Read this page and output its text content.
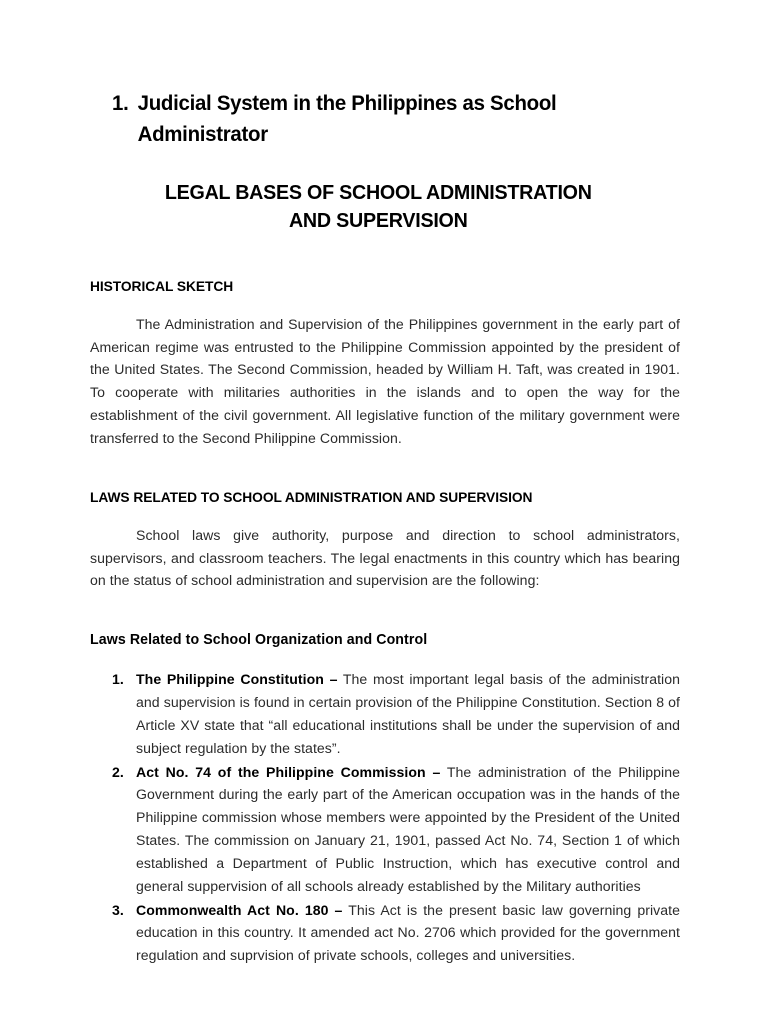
1. Judicial System in the Philippines as School Administrator
LEGAL BASES OF SCHOOL ADMINISTRATION
AND SUPERVISION
HISTORICAL SKETCH

The Administration and Supervision of the Philippines government in the early part of American regime was entrusted to the Philippine Commission appointed by the president of the United States. The Second Commission, headed by William H. Taft, was created in 1901. To cooperate with militaries authorities in the islands and to open the way for the establishment of the civil government. All legislative function of the military government were transferred to the Second Philippine Commission.

LAWS RELATED TO SCHOOL ADMINISTRATION AND SUPERVISION

School laws give authority, purpose and direction to school administrators, supervisors, and classroom teachers. The legal enactments in this country which has bearing on the status of school administration and supervision are the following:

Laws Related to School Organization and Control
The Philippine Constitution – The most important legal basis of the administration and supervision is found in certain provision of the Philippine Constitution. Section 8 of Article XV state that “all educational institutions shall be under the supervision of and subject regulation by the states”.
Act No. 74 of the Philippine Commission – The administration of the Philippine Government during the early part of the American occupation was in the hands of the Philippine commission whose members were appointed by the President of the United States. The commission on January 21, 1901, passed Act No. 74, Section 1 of which established a Department of Public Instruction, which has executive control and general suppervision of all schools already established by the Military authorities
Commonwealth Act No. 180 – This Act is the present basic law governing private education in this country. It amended act No. 2706 which provided for the government regulation and suprvision of private schools, colleges and universities.
